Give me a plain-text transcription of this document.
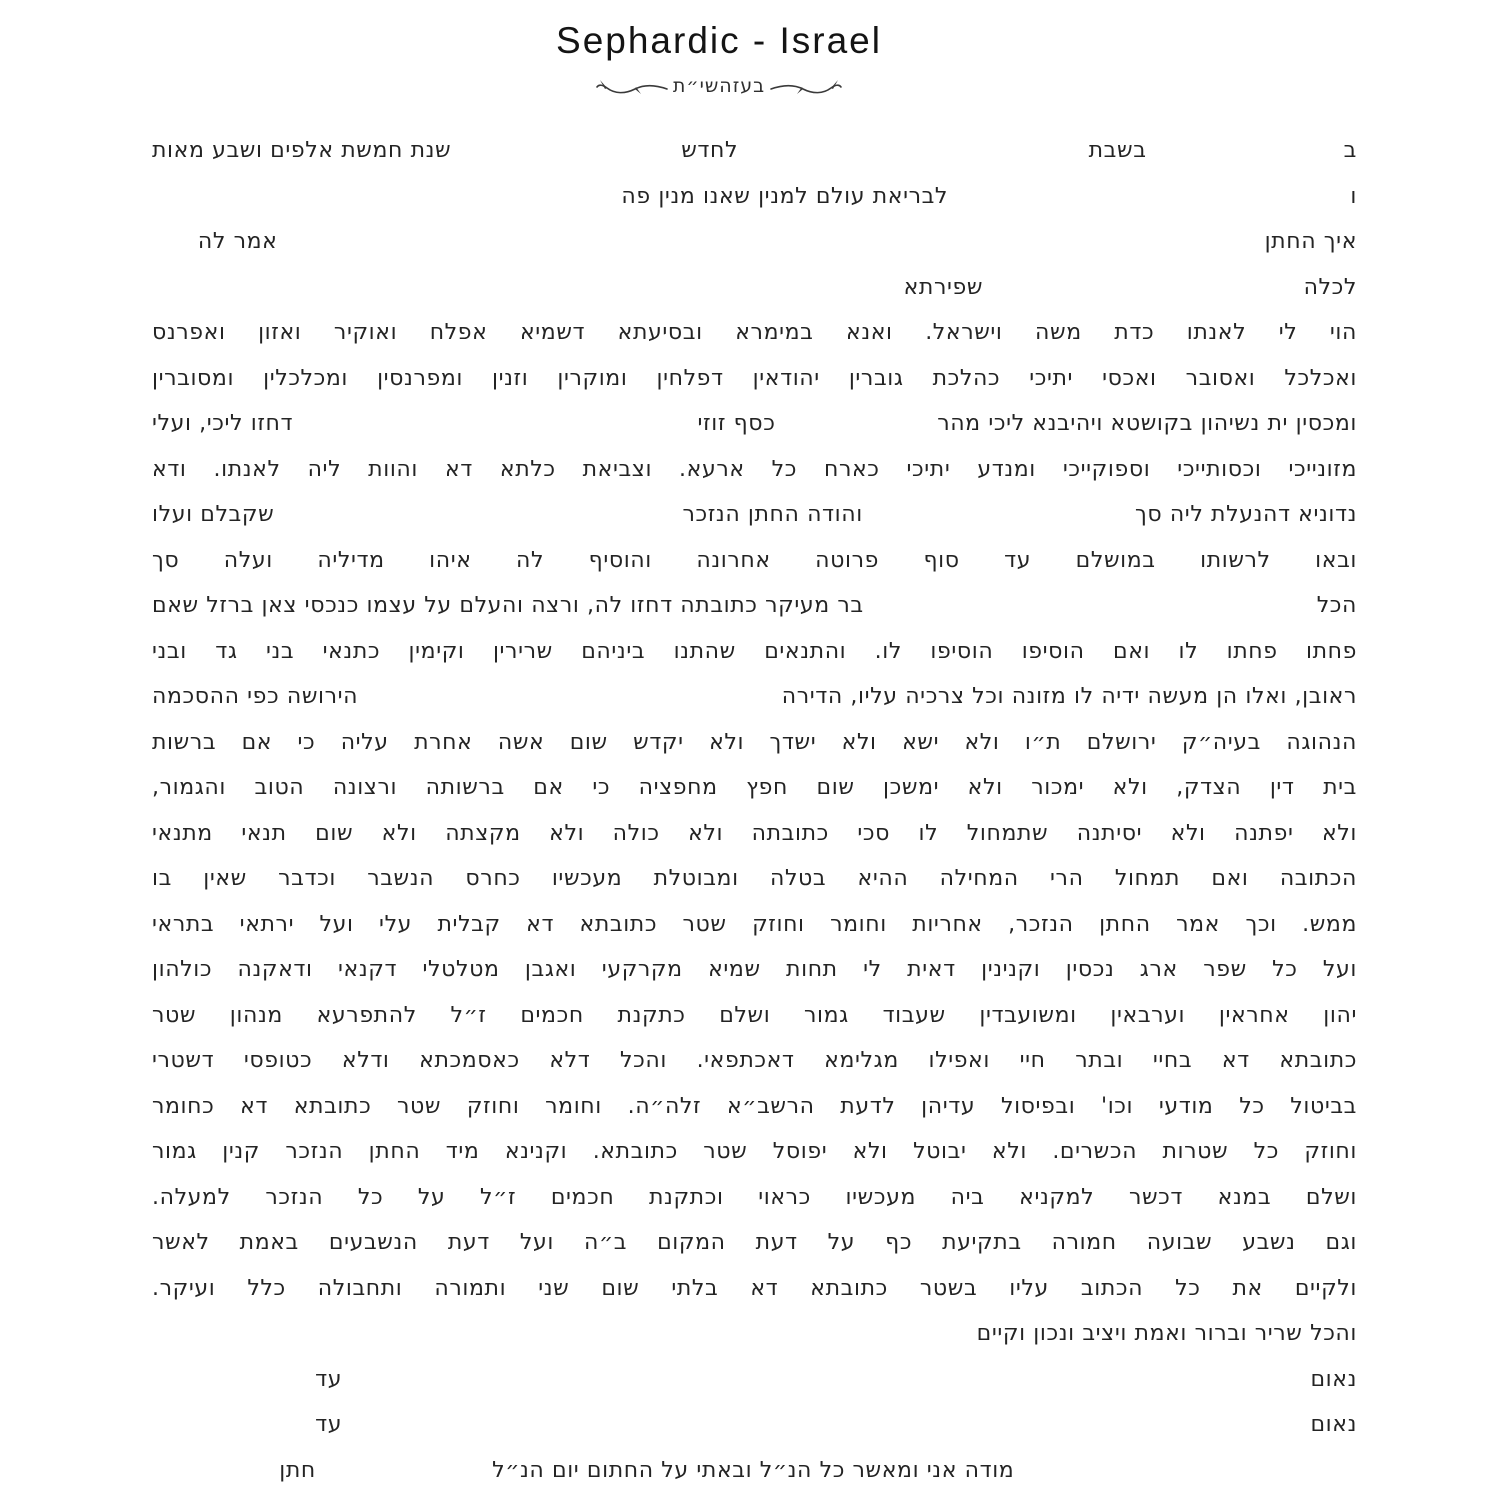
Sephardic - Israel
בעזהשי״ת
ב
בשבת
לחדש
שנת חמשת אלפים ושבע מאות
ו
לבריאת עולם למנין שאנו מנין פה
איך החתן
אמר לה
לכלה
שפירתא
הוי לי לאנתו כדת משה וישראל. ואנא במימרא ובסיעתא דשמיא אפלח ואוקיר ואזון ואפרנס
ואכלכל ואסובר ואכסי יתיכי כהלכת גוברין יהודאין דפלחין ומוקרין וזנין ומפרנסין ומכלכלין ומסוברין
ומכסין ית נשיהון בקושטא ויהיבנא ליכי מהר
כסף זוזי
דחזו ליכי, ועלי
מזונייכי וכסותייכי וספוקייכי ומנדע יתיכי כארח כל ארעא. וצביאת כלתא דא והוות ליה לאנתו. ודא
נדוניא דהנעלת ליה סך
והודה החתן הנזכר
שקבלם ועלו
ובאו לרשותו במושלם עד סוף פרוטה אחרונה והוסיף לה איהו מדיליה ועלה סך
הכל
בר מעיקר כתובתה דחזו לה, ורצה והעלם על עצמו כנכסי צאן ברזל שאם
פחתו פחתו לו ואם הוסיפו הוסיפו לו. והתנאים שהתנו ביניהם שרירין וקימין כתנאי בני גד ובני
ראובן, ואלו הן מעשה ידיה לו מזונה וכל צרכיה עליו, הדירה
הירושה כפי ההסכמה
הנהוגה בעיה״ק ירושלם ת״ו ולא ישא ולא ישדך ולא יקדש שום אשה אחרת עליה כי אם ברשות
בית דין הצדק, ולא ימכור ולא ימשכן שום חפץ מחפציה כי אם ברשותה ורצונה הטוב והגמור,
ולא יפתנה ולא יסיתנה שתמחול לו סכי כתובתה ולא כולה ולא מקצתה ולא שום תנאי מתנאי
הכתובה ואם תמחול הרי המחילה ההיא בטלה ומבוטלת מעכשיו כחרס הנשבר וכדבר שאין בו
ממש. וכך אמר החתן הנזכר, אחריות וחומר וחוזק שטר כתובתא דא קבלית עלי ועל ירתאי בתראי
ועל כל שפר ארג נכסין וקנינין דאית לי תחות שמיא מקרקעי ואגבן מטלטלי דקנאי ודאקנה כולהון
יהון אחראין וערבאין ומשועבדין שעבוד גמור ושלם כתקנת חכמים ז״ל להתפרעא מנהון שטר
כתובתא דא בחיי ובתר חיי ואפילו מגלימא דאכתפאי. והכל דלא כאסמכתא ודלא כטופסי דשטרי
בביטול כל מודעי וכו' ובפיסול עדיהן לדעת הרשב״א זלה״ה. וחומר וחוזק שטר כתובתא דא כחומר
וחוזק כל שטרות הכשרים. ולא יבוטל ולא יפוסל שטר כתובתא. וקנינא מיד החתן הנזכר קנין גמור
ושלם במנא דכשר למקניא ביה מעכשיו כראוי וכתקנת חכמים ז״ל על כל הנזכר למעלה.
וגם נשבע שבועה חמורה בתקיעת כף על דעת המקום ב״ה ועל דעת הנשבעים באמת לאשר
ולקיים את כל הכתוב עליו בשטר כתובתא דא בלתי שום שני ותמורה ותחבולה כלל ועיקר.
והכל שריר וברור ואמת ויציב ונכון וקיים
נאום
עד
נאום
עד
מודה אני ומאשר כל הנ״ל ובאתי על החתום יום הנ״ל
חתן
